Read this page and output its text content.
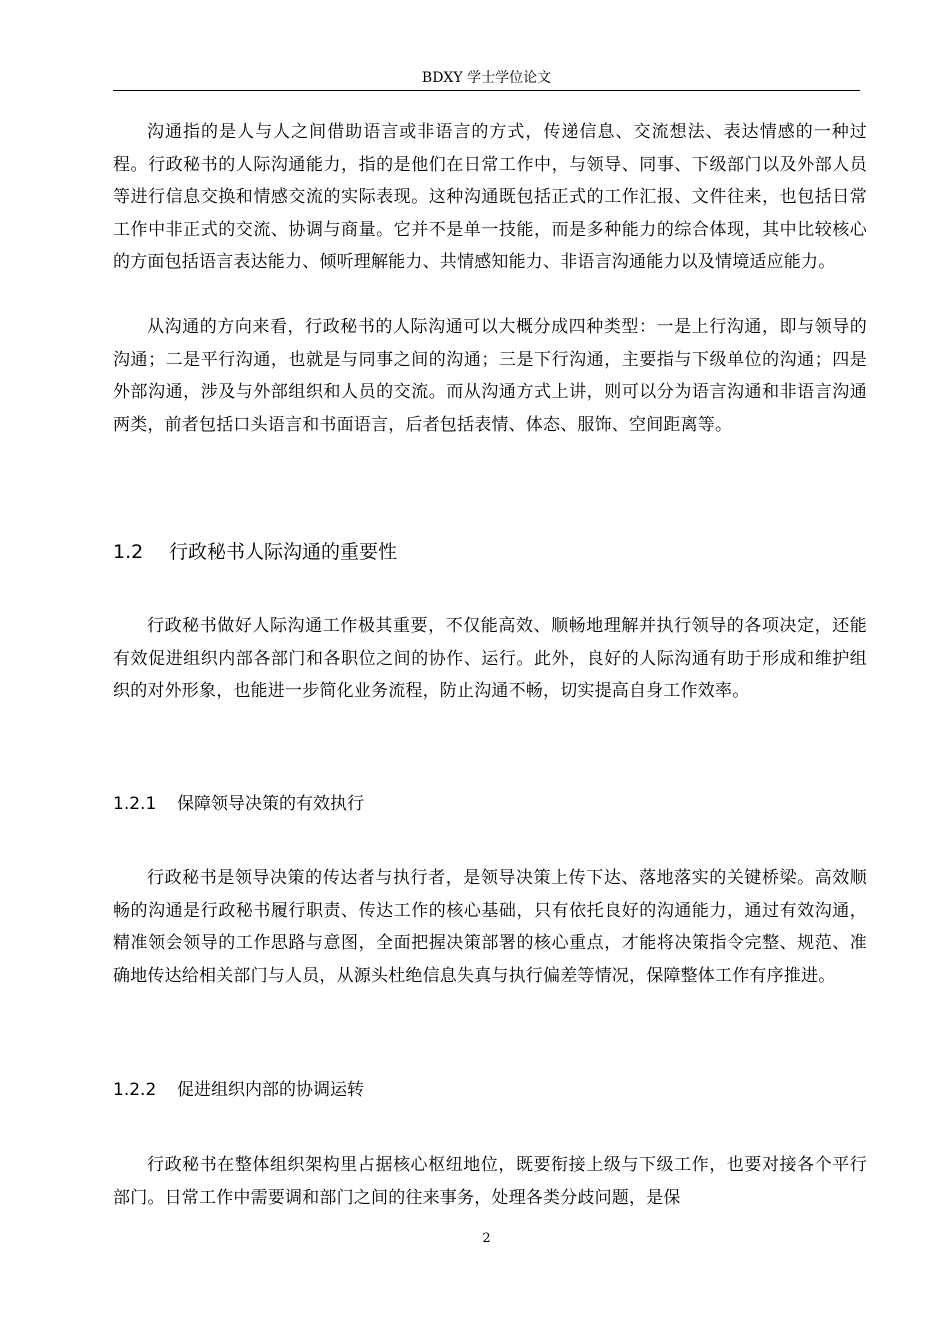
BDXY 学士学位论文

沟通指的是人与人之间借助语言或非语言的方式，传递信息、交流想法、表达情感的一种过程。行政秘书的人际沟通能力，指的是他们在日常工作中，与领导、同事、下级部门以及外部人员等进行信息交换和情感交流的实际表现。这种沟通既包括正式的工作汇报、文件往来，也包括日常工作中非正式的交流、协调与商量。它并不是单一技能，而是多种能力的综合体现，其中比较核心的方面包括语言表达能力、倾听理解能力、共情感知能力、非语言沟通能力以及情境适应能力。

从沟通的方向来看，行政秘书的人际沟通可以大概分成四种类型：一是上行沟通，即与领导的沟通；二是平行沟通，也就是与同事之间的沟通；三是下行沟通，主要指与下级单位的沟通；四是外部沟通，涉及与外部组织和人员的交流。而从沟通方式上讲，则可以分为语言沟通和非语言沟通两类，前者包括口头语言和书面语言，后者包括表情、体态、服饰、空间距离等。

1.2 行政秘书人际沟通的重要性

行政秘书做好人际沟通工作极其重要，不仅能高效、顺畅地理解并执行领导的各项决定，还能有效促进组织内部各部门和各职位之间的协作、运行。此外，良好的人际沟通有助于形成和维护组织的对外形象，也能进一步简化业务流程，防止沟通不畅，切实提高自身工作效率。

1.2.1 保障领导决策的有效执行

行政秘书是领导决策的传达者与执行者，是领导决策上传下达、落地落实的关键桥梁。高效顺畅的沟通是行政秘书履行职责、传达工作的核心基础，只有依托良好的沟通能力，通过有效沟通，精准领会领导的工作思路与意图，全面把握决策部署的核心重点，才能将决策指令完整、规范、准确地传达给相关部门与人员，从源头杜绝信息失真与执行偏差等情况，保障整体工作有序推进。

1.2.2 促进组织内部的协调运转

行政秘书在整体组织架构里占据核心枢纽地位，既要衔接上级与下级工作，也要对接各个平行部门。日常工作中需要调和部门之间的往来事务，处理各类分歧问题，是保

2
